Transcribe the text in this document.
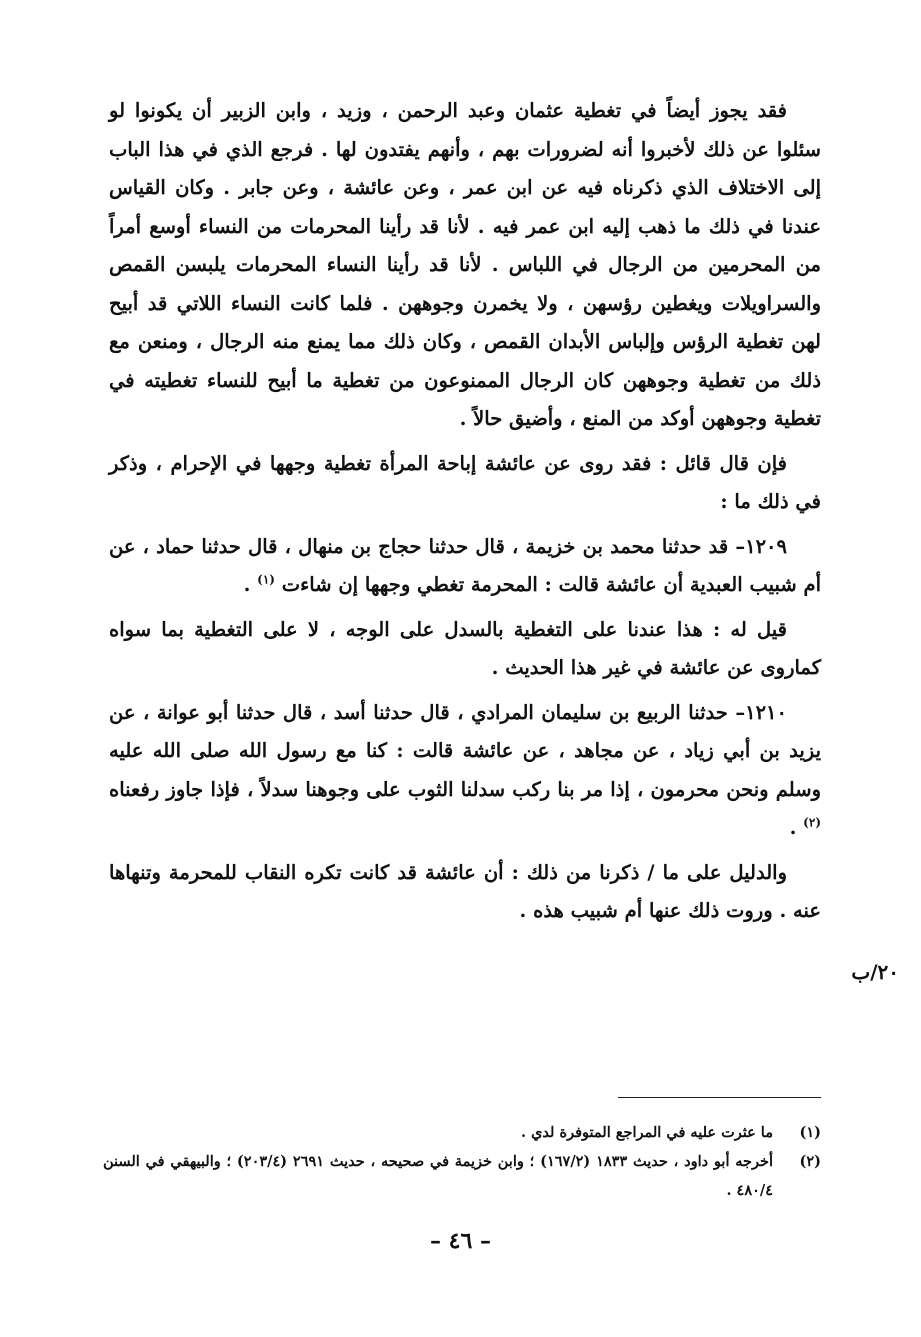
فقد يجوز أيضاً في تغطية عثمان وعبد الرحمن ، وزيد ، وابن الزبير أن يكونوا لو سئلوا عن ذلك لأخبروا أنه لضرورات بهم ، وأنهم يفتدون لها . فرجع الذي في هذا الباب إلى الاختلاف الذي ذكرناه فيه عن ابن عمر ، وعن عائشة ، وعن جابر . وكان القياس عندنا في ذلك ما ذهب إليه ابن عمر فيه . لأنا قد رأينا المحرمات من النساء أوسع أمراً من المحرمين من الرجال في اللباس . لأنا قد رأينا النساء المحرمات يلبسن القمص والسراويلات ويغطين رؤسهن ، ولا يخمرن وجوههن . فلما كانت النساء اللاتي قد أبيح لهن تغطية الرؤس وإلباس الأبدان القمص ، وكان ذلك مما يمنع منه الرجال ، ومنعن مع ذلك من تغطية وجوههن كان الرجال الممنوعون من تغطية ما أبيح للنساء تغطيته في تغطية وجوههن أوكد من المنع ، وأضيق حالاً .

فإن قال قائل : فقد روى عن عائشة إباحة المرأة تغطية وجهها في الإحرام ، وذكر في ذلك ما :

١٢٠٩– قد حدثنا محمد بن خزيمة ، قال حدثنا حجاج بن منهال ، قال حدثنا حماد ، عن أم شبيب العبدية أن عائشة قالت : المحرمة تغطي وجهها إن شاءت $^{(١)}$ .

قيل له : هذا عندنا على التغطية بالسدل على الوجه ، لا على التغطية بما سواه كماروى عن عائشة في غير هذا الحديث .

١٢١٠– حدثنا الربيع بن سليمان المرادي ، قال حدثنا أسد ، قال حدثنا أبو عوانة ، عن يزيد بن أبي زياد ، عن مجاهد ، عن عائشة قالت : كنا مع رسول الله صلى الله عليه وسلم ونحن محرمون ، إذا مر بنا ركب سدلنا الثوب على وجوهنا سدلاً ، فإذا جاوز رفعناه $^{(٢)}$ .

والدليل على ما / ذكرنا من ذلك : أن عائشة قد كانت تكره النقاب للمحرمة وتنهاها عنه . وروت ذلك عنها أم شبيب هذه .

٢٠/ب
(١)
ما عثرت عليه في المراجع المتوفرة لدي .
(٢)
أخرجه أبو داود ، حديث ١٨٣٣ (١٦٧/٢) ؛ وابن خزيمة في صحيحه ، حديث ٢٦٩١ (٢٠٣/٤) ؛ والبيهقي في السنن ٤٨٠/٤ .
– ٤٦ –
